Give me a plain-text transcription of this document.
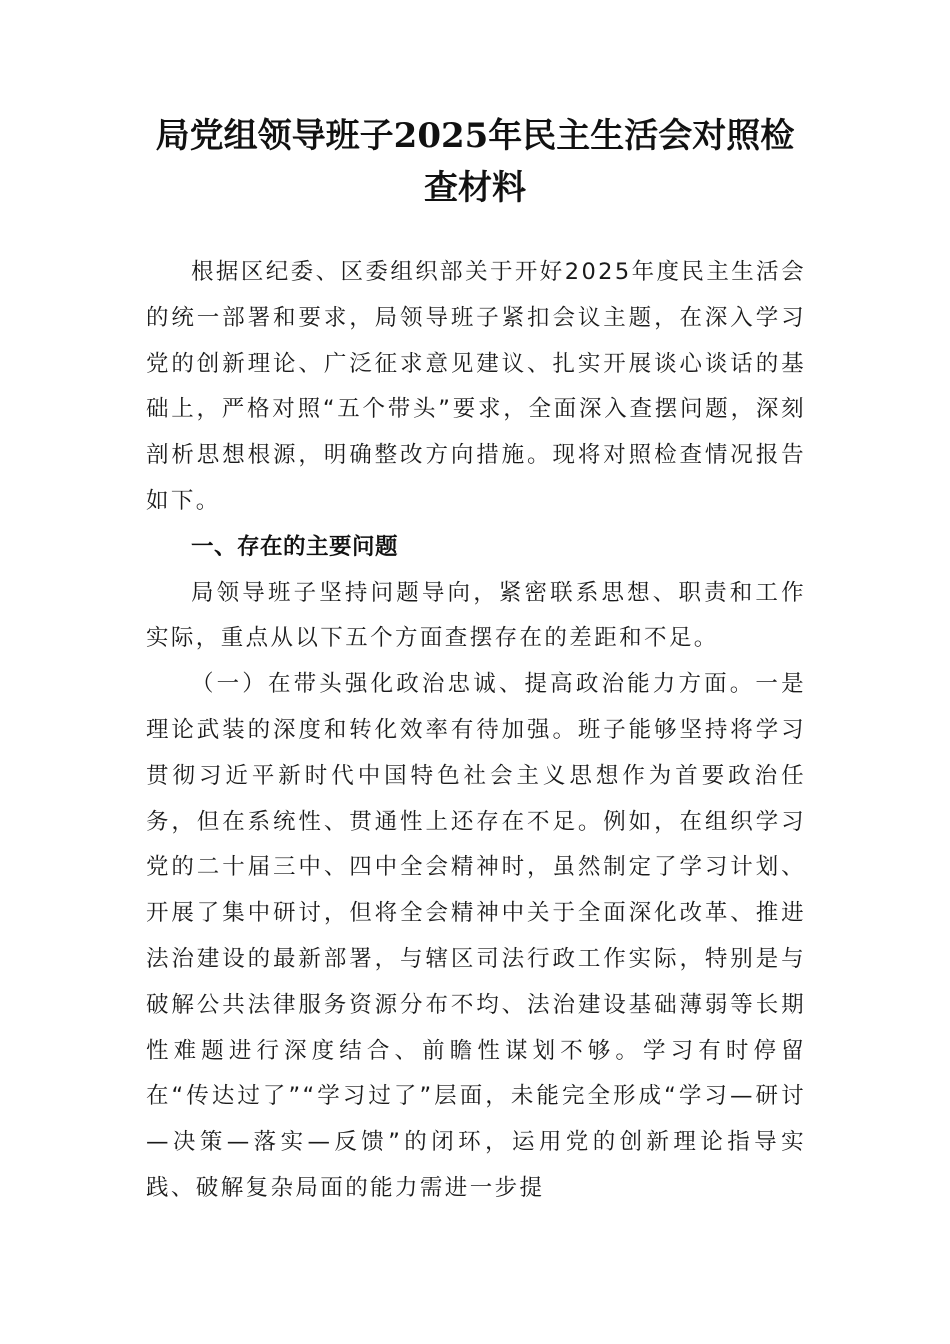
局党组领导班子2025年民主生活会对照检查材料

根据区纪委、区委组织部关于开好2025年度民主生活会的统一部署和要求，局领导班子紧扣会议主题，在深入学习党的创新理论、广泛征求意见建议、扎实开展谈心谈话的基础上，严格对照“五个带头”要求，全面深入查摆问题，深刻剖析思想根源，明确整改方向措施。现将对照检查情况报告如下。

一、存在的主要问题

局领导班子坚持问题导向，紧密联系思想、职责和工作实际，重点从以下五个方面查摆存在的差距和不足。

（一）在带头强化政治忠诚、提高政治能力方面。一是理论武装的深度和转化效率有待加强。班子能够坚持将学习贯彻习近平新时代中国特色社会主义思想作为首要政治任务，但在系统性、贯通性上还存在不足。例如，在组织学习党的二十届三中、四中全会精神时，虽然制定了学习计划、开展了集中研讨，但将全会精神中关于全面深化改革、推进法治建设的最新部署，与辖区司法行政工作实际，特别是与破解公共法律服务资源分布不均、法治建设基础薄弱等长期性难题进行深度结合、前瞻性谋划不够。学习有时停留在“传达过了”“学习过了”层面，未能完全形成“学习—研讨—决策—落实—反馈”的闭环，运用党的创新理论指导实践、破解复杂局面的能力需进一步提
